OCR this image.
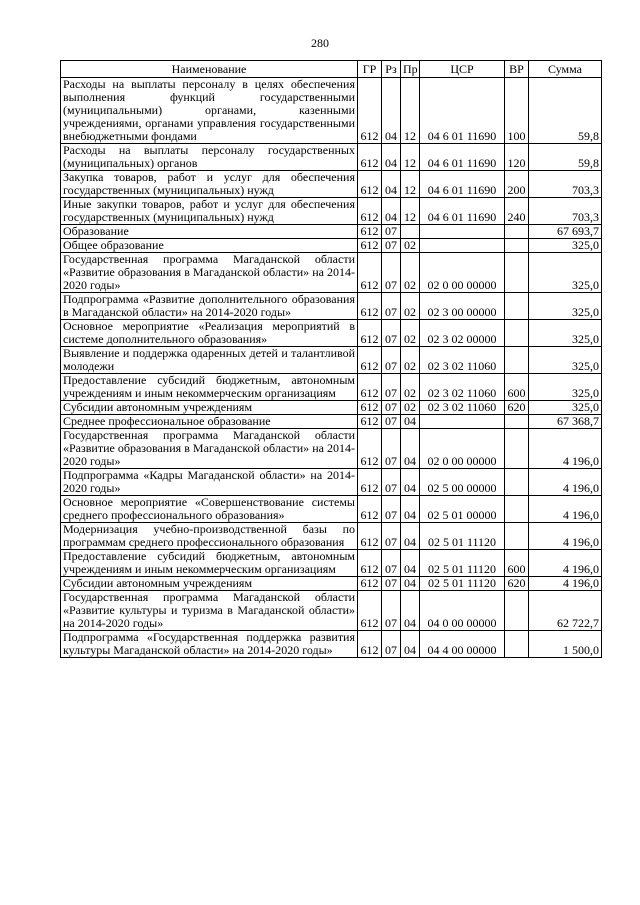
280
Наименование	ГР	Рз	Пр	ЦСР	ВР	Сумма
Расходы на выплаты персоналу в целях обеспечения выполнения функций государственными (муниципальными) органами, казенными учреждениями, органами управления государственными внебюджетными фондами	612	04	12	04 6 01 11690	100	59,8
Расходы на выплаты персоналу государственных (муниципальных) органов	612	04	12	04 6 01 11690	120	59,8
Закупка товаров, работ и услуг для обеспечения государственных (муниципальных) нужд	612	04	12	04 6 01 11690	200	703,3
Иные закупки товаров, работ и услуг для обеспечения государственных (муниципальных) нужд	612	04	12	04 6 01 11690	240	703,3
Образование	612	07				67 693,7
Общее образование	612	07	02			325,0
Государственная программа Магаданской области «Развитие образования в Магаданской области» на 2014-2020 годы»	612	07	02	02 0 00 00000		325,0
Подпрограмма «Развитие дополнительного образования в Магаданской области» на 2014-2020 годы»	612	07	02	02 3 00 00000		325,0
Основное мероприятие «Реализация мероприятий в системе дополнительного образования»	612	07	02	02 3 02 00000		325,0
Выявление и поддержка одаренных детей и талантливой молодежи	612	07	02	02 3 02 11060		325,0
Предоставление субсидий бюджетным, автономным учреждениям и иным некоммерческим организациям	612	07	02	02 3 02 11060	600	325,0
Субсидии автономным учреждениям	612	07	02	02 3 02 11060	620	325,0
Среднее профессиональное образование	612	07	04			67 368,7
Государственная программа Магаданской области «Развитие образования в Магаданской области» на 2014-2020 годы»	612	07	04	02 0 00 00000		4 196,0
Подпрограмма «Кадры Магаданской области» на 2014-2020 годы»	612	07	04	02 5 00 00000		4 196,0
Основное мероприятие «Совершенствование системы среднего профессионального образования»	612	07	04	02 5 01 00000		4 196,0
Модернизация учебно-производственной базы по программам среднего профессионального образования	612	07	04	02 5 01 11120		4 196,0
Предоставление субсидий бюджетным, автономным учреждениям и иным некоммерческим организациям	612	07	04	02 5 01 11120	600	4 196,0
Субсидии автономным учреждениям	612	07	04	02 5 01 11120	620	4 196,0
Государственная программа Магаданской области «Развитие культуры и туризма в Магаданской области» на 2014-2020 годы»	612	07	04	04 0 00 00000		62 722,7
Подпрограмма «Государственная поддержка развития культуры Магаданской области» на 2014-2020 годы»	612	07	04	04 4 00 00000		1 500,0
